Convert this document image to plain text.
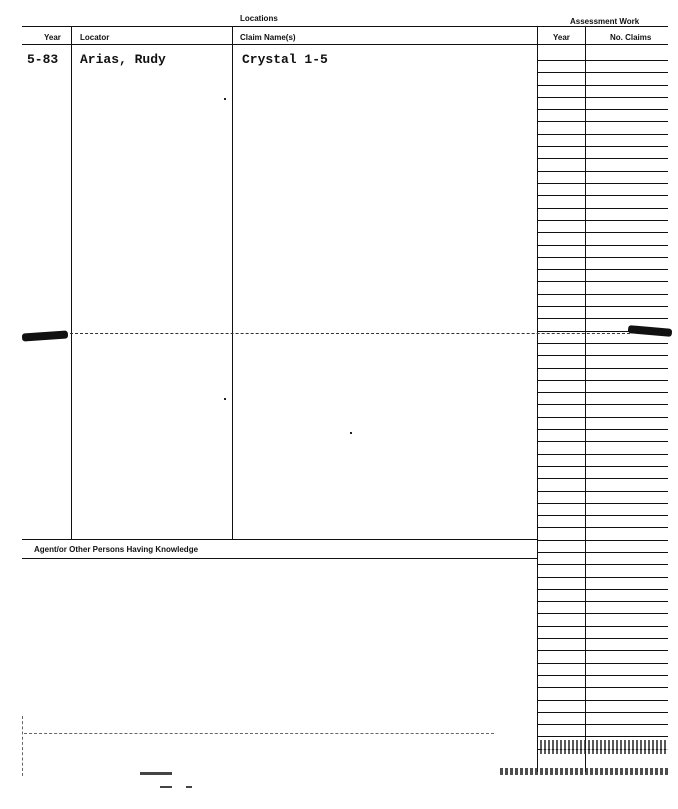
Locations	Assessment Work
Year Locator	Claim Name(s)	Year	No. Claims
5-83 Arias, Rudy	Crystal 1-5
Agent/or Other Persons Having Knowledge
